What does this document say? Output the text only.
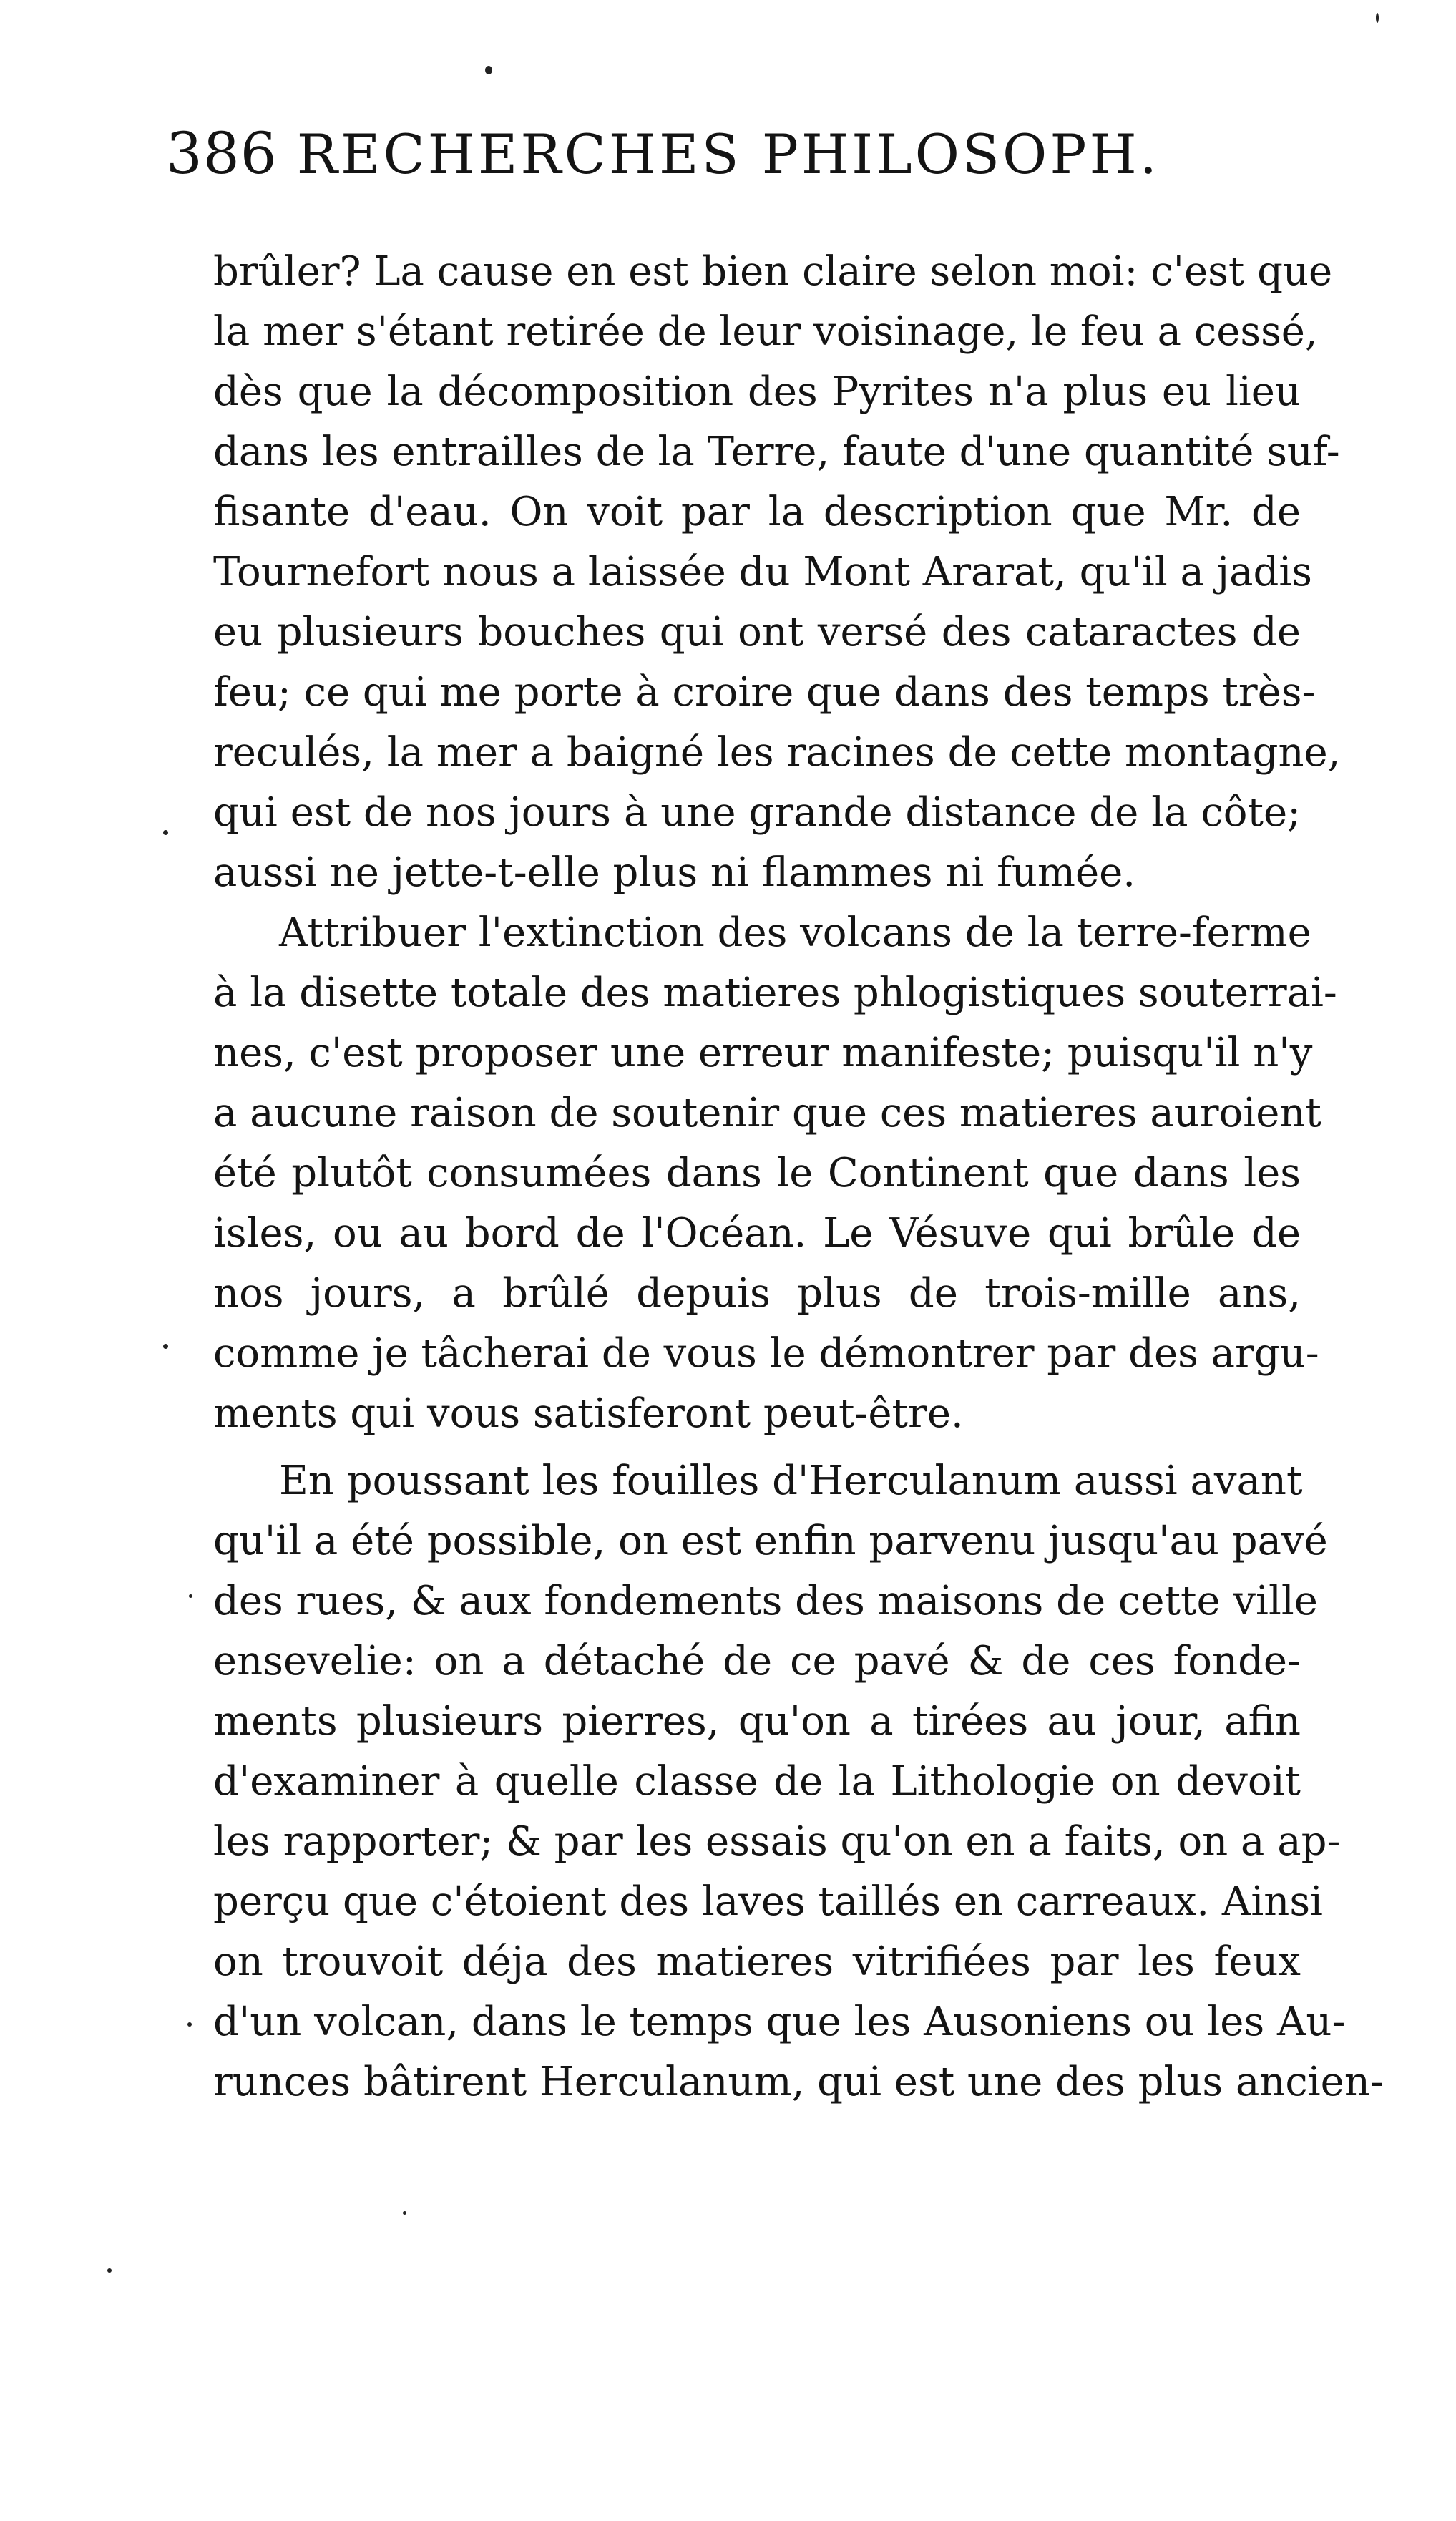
386 RECHERCHES PHILOSOPH.
brûler? La cause en est bien claire selon moi: c'est que
la mer s'étant retirée de leur voisinage, le feu a cessé,
dès que la décomposition des Pyrites n'a plus eu lieu
dans les entrailles de la Terre, faute d'une quantité suf-
fisante d'eau. On voit par la description que Mr. de
Tournefort nous a laissée du Mont Ararat, qu'il a jadis
eu plusieurs bouches qui ont versé des cataractes de
feu; ce qui me porte à croire que dans des temps très-
reculés, la mer a baigné les racines de cette montagne,
qui est de nos jours à une grande distance de la côte;
aussi ne jette-t-elle plus ni flammes ni fumée.
Attribuer l'extinction des volcans de la terre-ferme
à la disette totale des matieres phlogistiques souterrai-
nes, c'est proposer une erreur manifeste; puisqu'il n'y
a aucune raison de soutenir que ces matieres auroient
été plutôt consumées dans le Continent que dans les
isles, ou au bord de l'Océan. Le Vésuve qui brûle de
nos jours, a brûlé depuis plus de trois-mille ans,
comme je tâcherai de vous le démontrer par des argu-
ments qui vous satisferont peut-être.
En poussant les fouilles d'Herculanum aussi avant
qu'il a été possible, on est enfin parvenu jusqu'au pavé
des rues, & aux fondements des maisons de cette ville
ensevelie: on a détaché de ce pavé & de ces fonde-
ments plusieurs pierres, qu'on a tirées au jour, afin
d'examiner à quelle classe de la Lithologie on devoit
les rapporter; & par les essais qu'on en a faits, on a ap-
perçu que c'étoient des laves taillés en carreaux. Ainsi
on trouvoit déja des matieres vitrifiées par les feux
d'un volcan, dans le temps que les Ausoniens ou les Au-
runces bâtirent Herculanum, qui est une des plus ancien-
